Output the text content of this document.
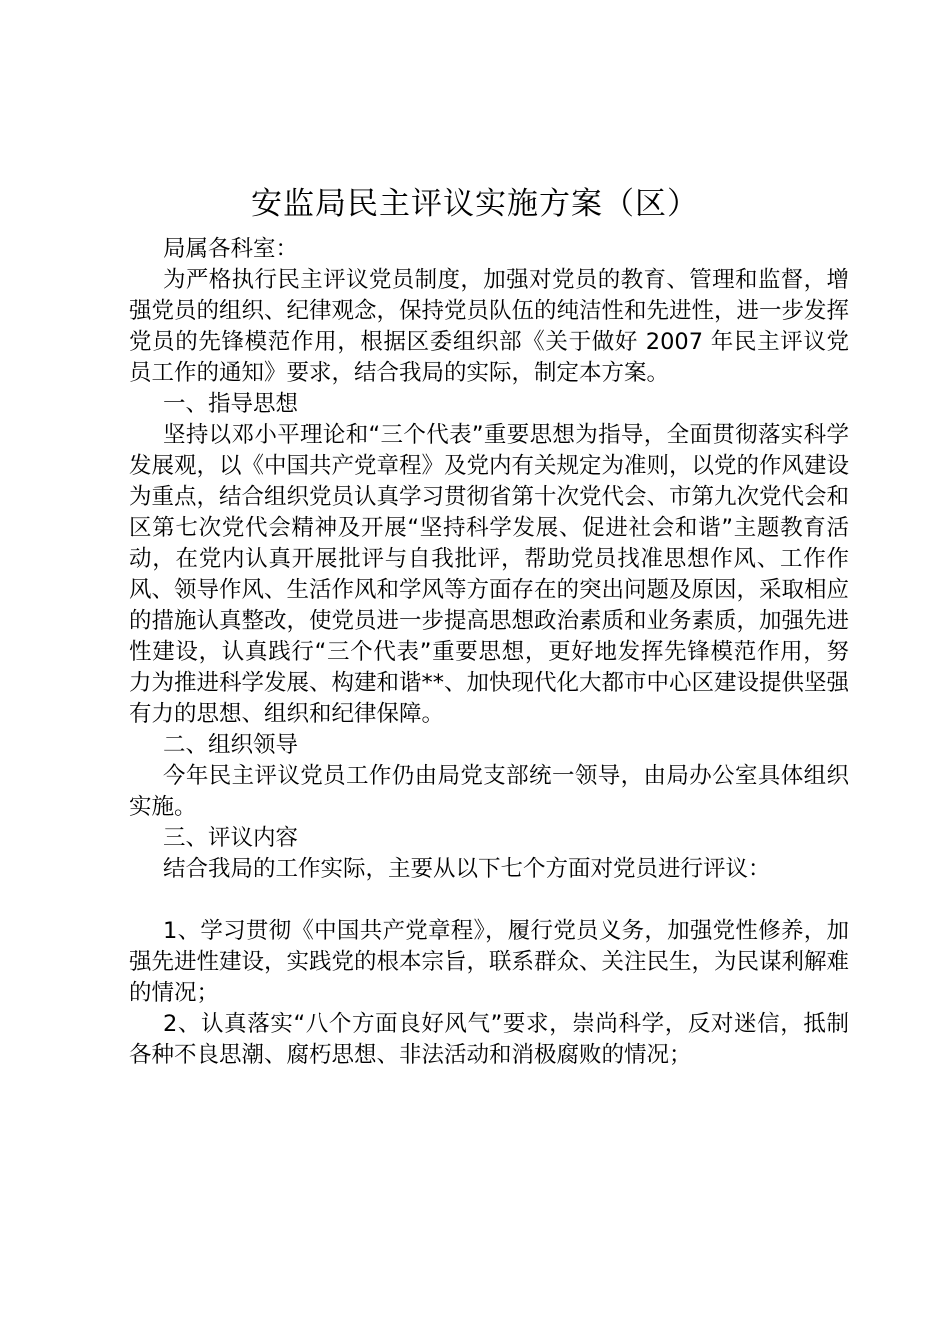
安监局民主评议实施方案（区）

局属各科室：

为严格执行民主评议党员制度，加强对党员的教育、管理和监督，增强党员的组织、纪律观念，保持党员队伍的纯洁性和先进性，进一步发挥党员的先锋模范作用，根据区委组织部《关于做好 2007 年民主评议党员工作的通知》要求，结合我局的实际，制定本方案。

一、指导思想

坚持以邓小平理论和“三个代表”重要思想为指导，全面贯彻落实科学发展观，以《中国共产党章程》及党内有关规定为准则，以党的作风建设为重点，结合组织党员认真学习贯彻省第十次党代会、市第九次党代会和区第七次党代会精神及开展“坚持科学发展、促进社会和谐”主题教育活动，在党内认真开展批评与自我批评，帮助党员找准思想作风、工作作风、领导作风、生活作风和学风等方面存在的突出问题及原因，采取相应的措施认真整改，使党员进一步提高思想政治素质和业务素质，加强先进性建设，认真践行“三个代表”重要思想，更好地发挥先锋模范作用，努力为推进科学发展、构建和谐**、加快现代化大都市中心区建设提供坚强有力的思想、组织和纪律保障。

二、组织领导

今年民主评议党员工作仍由局党支部统一领导，由局办公室具体组织实施。

三、评议内容

结合我局的工作实际，主要从以下七个方面对党员进行评议：

1、学习贯彻《中国共产党章程》，履行党员义务，加强党性修养，加强先进性建设，实践党的根本宗旨，联系群众、关注民生，为民谋利解难的情况；

2、认真落实“八个方面良好风气”要求，崇尚科学，反对迷信，抵制各种不良思潮、腐朽思想、非法活动和消极腐败的情况；
